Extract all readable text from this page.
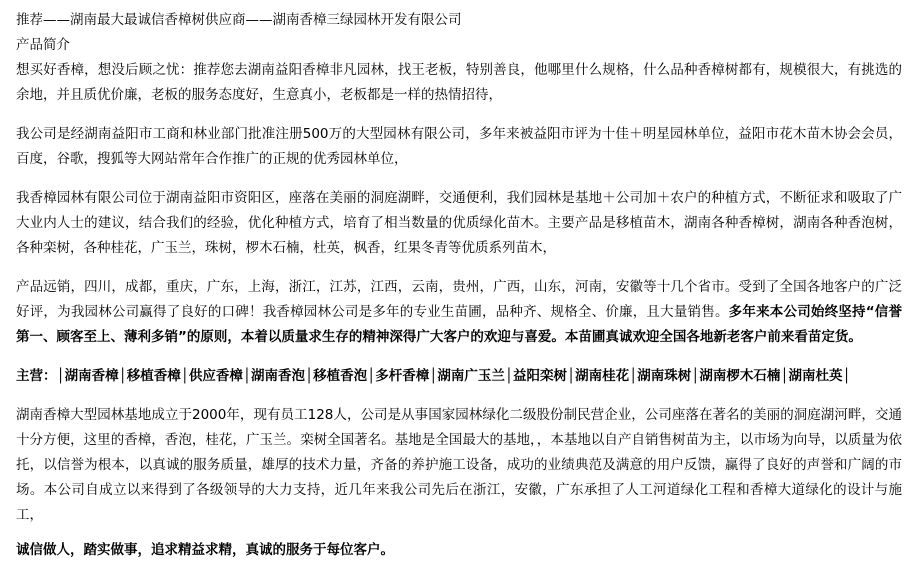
推荐——湖南最大最诚信香樟树供应商——湖南香樟三绿园林开发有限公司
产品简介
想买好香樟，想没后顾之忧：推荐您去湖南益阳香樟非凡园林，找王老板，特别善良，他哪里什么规格，什么品种香樟树都有，规模很大，有挑选的余地，并且质优价廉，老板的服务态度好，生意真小，老板都是一样的热情招待，
我公司是经湖南益阳市工商和林业部门批准注册500万的大型园林有限公司，多年来被益阳市评为十佳＋明星园林单位，益阳市花木苗木协会会员，百度，谷歌，搜狐等大网站常年合作推广的正规的优秀园林单位，
我香樟园林有限公司位于湖南益阳市资阳区，座落在美丽的洞庭湖畔，交通便利，我们园林是基地＋公司加＋农户的种植方式，不断征求和吸取了广大业内人士的建议，结合我们的经验，优化种植方式，培育了相当数量的优质绿化苗木。主要产品是移植苗木，湖南各种香樟树，湖南各种香泡树，各种栾树，各种桂花，广玉兰，珠树，椤木石楠，杜英，枫香，红果冬青等优质系列苗木，
产品远销，四川，成都，重庆，广东，上海，浙江，江苏，江西，云南，贵州，广西，山东，河南，安徽等十几个省市。受到了全国各地客户的广泛好评，为我园林公司赢得了良好的口碑！我香樟园林公司是多年的专业生苗圃，品种齐、规格全、价廉，且大量销售。多年来本公司始终坚持“信誉第一、顾客至上、薄利多销”的原则，本着以质量求生存的精神深得广大客户的欢迎与喜爱。本苗圃真诚欢迎全国各地新老客户前来看苗定货。
主营：│湖南香樟│移植香樟│供应香樟│湖南香泡│移植香泡│多杆香樟│湖南广玉兰│益阳栾树│湖南桂花│湖南珠树│湖南椤木石楠│湖南杜英│
湖南香樟大型园林基地成立于2000年，现有员工128人，公司是从事国家园林绿化二级股份制民营企业，公司座落在著名的美丽的洞庭湖河畔，交通十分方便，这里的香樟，香泡，桂花，广玉兰。栾树全国著名。基地是全国最大的基地，，本基地以自产自销售树苗为主，以市场为向导，以质量为依托，以信誉为根本，以真诚的服务质量，雄厚的技术力量，齐备的养护施工设备，成功的业绩典范及满意的用户反馈，赢得了良好的声誉和广阔的市场。本公司自成立以来得到了各级领导的大力支持，近几年来我公司先后在浙江，安徽，广东承担了人工河道绿化工程和香樟大道绿化的设计与施工，
诚信做人，踏实做事，追求精益求精，真诚的服务于每位客户。
